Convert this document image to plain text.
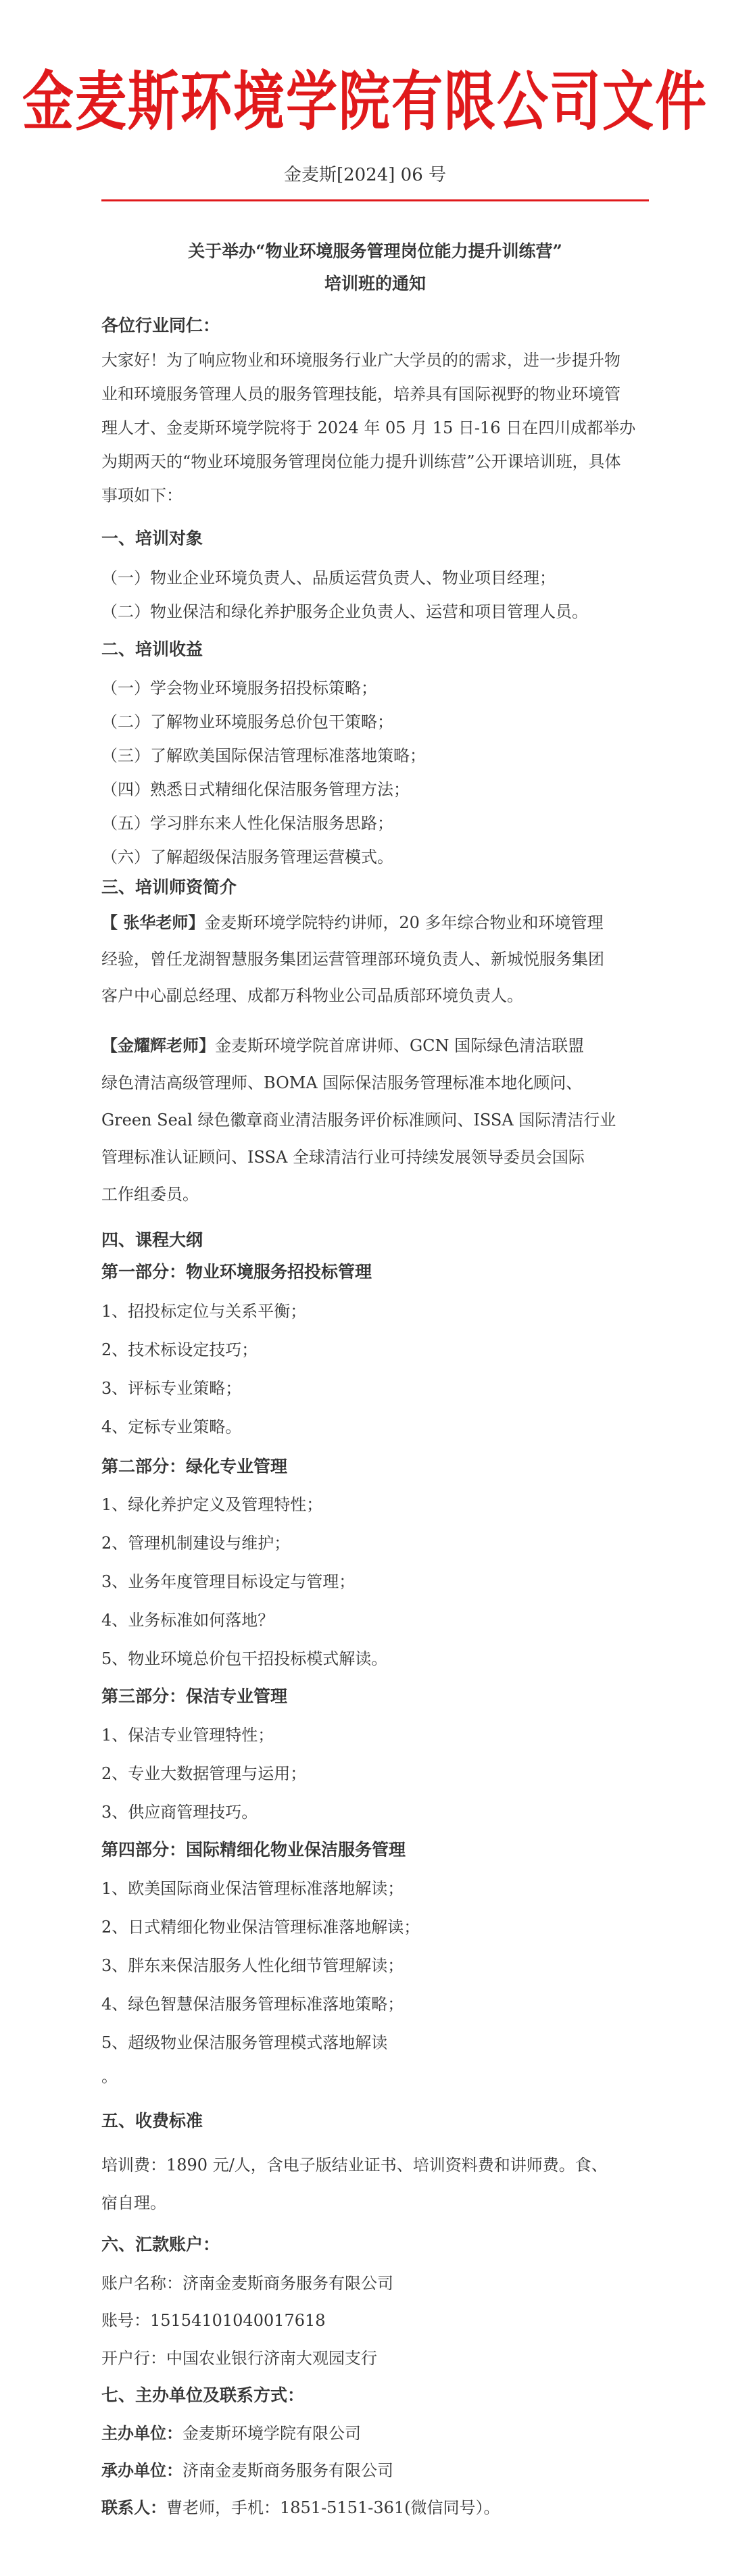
金麦斯环境学院有限公司文件
金麦斯[2024] 06 号
关于举办“物业环境服务管理岗位能力提升训练营”
培训班的通知
各位行业同仁：
大家好！为了响应物业和环境服务行业广大学员的的需求，进一步提升物
业和环境服务管理人员的服务管理技能，培养具有国际视野的物业环境管
理人才、金麦斯环境学院将于 2024 年 05 月 15 日-16 日在四川成都举办
为期两天的“物业环境服务管理岗位能力提升训练营”公开课培训班，具体
事项如下：
一、培训对象
（一）物业企业环境负责人、品质运营负责人、物业项目经理；
（二）物业保洁和绿化养护服务企业负责人、运营和项目管理人员。
二、培训收益
（一）学会物业环境服务招投标策略；
（二）了解物业环境服务总价包干策略；
（三）了解欧美国际保洁管理标准落地策略；
（四）熟悉日式精细化保洁服务管理方法；
（五）学习胖东来人性化保洁服务思路；
（六）了解超级保洁服务管理运营模式。
三、培训师资简介
【 张华老师】金麦斯环境学院特约讲师，20 多年综合物业和环境管理
经验，曾任龙湖智慧服务集团运营管理部环境负责人、新城悦服务集团
客户中心副总经理、成都万科物业公司品质部环境负责人。
【金耀辉老师】金麦斯环境学院首席讲师、GCN 国际绿色清洁联盟
绿色清洁高级管理师、BOMA 国际保洁服务管理标准本地化顾问、
Green Seal 绿色徽章商业清洁服务评价标准顾问、ISSA 国际清洁行业
管理标准认证顾问、ISSA 全球清洁行业可持续发展领导委员会国际
工作组委员。
四、课程大纲
第一部分：物业环境服务招投标管理
1、招投标定位与关系平衡；
2、技术标设定技巧；
3、评标专业策略；
4、定标专业策略。
第二部分：绿化专业管理
1、绿化养护定义及管理特性；
2、管理机制建设与维护；
3、业务年度管理目标设定与管理；
4、业务标准如何落地？
5、物业环境总价包干招投标模式解读。
第三部分：保洁专业管理
1、保洁专业管理特性；
2、专业大数据管理与运用；
3、供应商管理技巧。
第四部分：国际精细化物业保洁服务管理
1、欧美国际商业保洁管理标准落地解读；
2、日式精细化物业保洁管理标准落地解读；
3、胖东来保洁服务人性化细节管理解读；
4、绿色智慧保洁服务管理标准落地策略；
5、超级物业保洁服务管理模式落地解读
。
五、收费标准
培训费：1890 元/人，含电子版结业证书、培训资料费和讲师费。食、
宿自理。
六、汇款账户：
账户名称：济南金麦斯商务服务有限公司
账号：15154101040017618
开户行：中国农业银行济南大观园支行
七、主办单位及联系方式：
主办单位：金麦斯环境学院有限公司
承办单位：济南金麦斯商务服务有限公司
联系人：曹老师，手机：1851-5151-361(微信同号）。
